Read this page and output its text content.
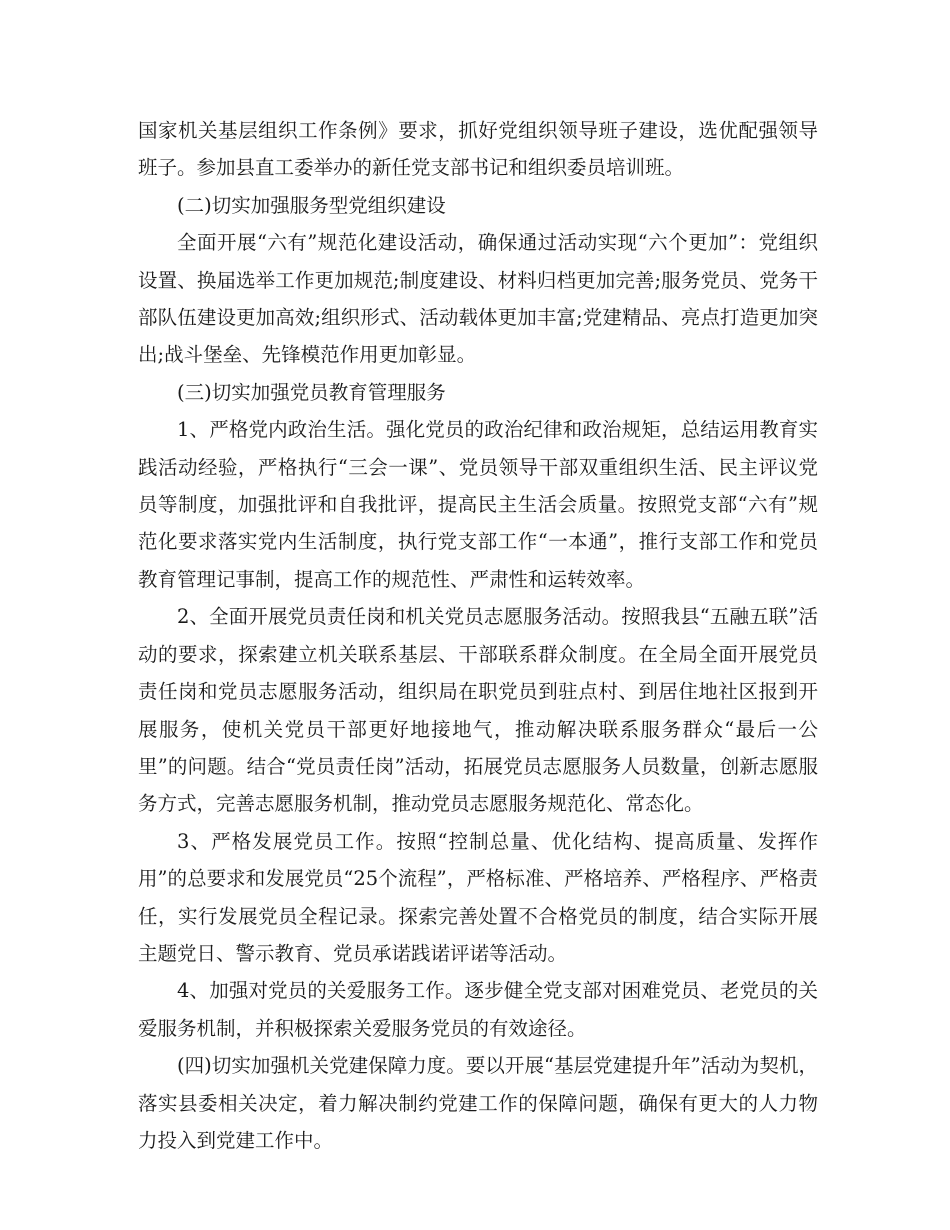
国家机关基层组织工作条例》要求，抓好党组织领导班子建设，选优配强领导班子。参加县直工委举办的新任党支部书记和组织委员培训班。

(二)切实加强服务型党组织建设

全面开展“六有”规范化建设活动，确保通过活动实现“六个更加”：党组织设置、换届选举工作更加规范;制度建设、材料归档更加完善;服务党员、党务干部队伍建设更加高效;组织形式、活动载体更加丰富;党建精品、亮点打造更加突出;战斗堡垒、先锋模范作用更加彰显。

(三)切实加强党员教育管理服务

1、严格党内政治生活。强化党员的政治纪律和政治规矩，总结运用教育实践活动经验，严格执行“三会一课”、党员领导干部双重组织生活、民主评议党员等制度，加强批评和自我批评，提高民主生活会质量。按照党支部“六有”规范化要求落实党内生活制度，执行党支部工作“一本通”，推行支部工作和党员教育管理记事制，提高工作的规范性、严肃性和运转效率。

2、全面开展党员责任岗和机关党员志愿服务活动。按照我县“五融五联”活动的要求，探索建立机关联系基层、干部联系群众制度。在全局全面开展党员责任岗和党员志愿服务活动，组织局在职党员到驻点村、到居住地社区报到开展服务，使机关党员干部更好地接地气，推动解决联系服务群众“最后一公里”的问题。结合“党员责任岗”活动，拓展党员志愿服务人员数量，创新志愿服务方式，完善志愿服务机制，推动党员志愿服务规范化、常态化。

3、严格发展党员工作。按照“控制总量、优化结构、提高质量、发挥作用”的总要求和发展党员“25个流程”，严格标准、严格培养、严格程序、严格责任，实行发展党员全程记录。探索完善处置不合格党员的制度，结合实际开展主题党日、警示教育、党员承诺践诺评诺等活动。

4、加强对党员的关爱服务工作。逐步健全党支部对困难党员、老党员的关爱服务机制，并积极探索关爱服务党员的有效途径。

(四)切实加强机关党建保障力度。要以开展“基层党建提升年”活动为契机，落实县委相关决定，着力解决制约党建工作的保障问题，确保有更大的人力物力投入到党建工作中。
